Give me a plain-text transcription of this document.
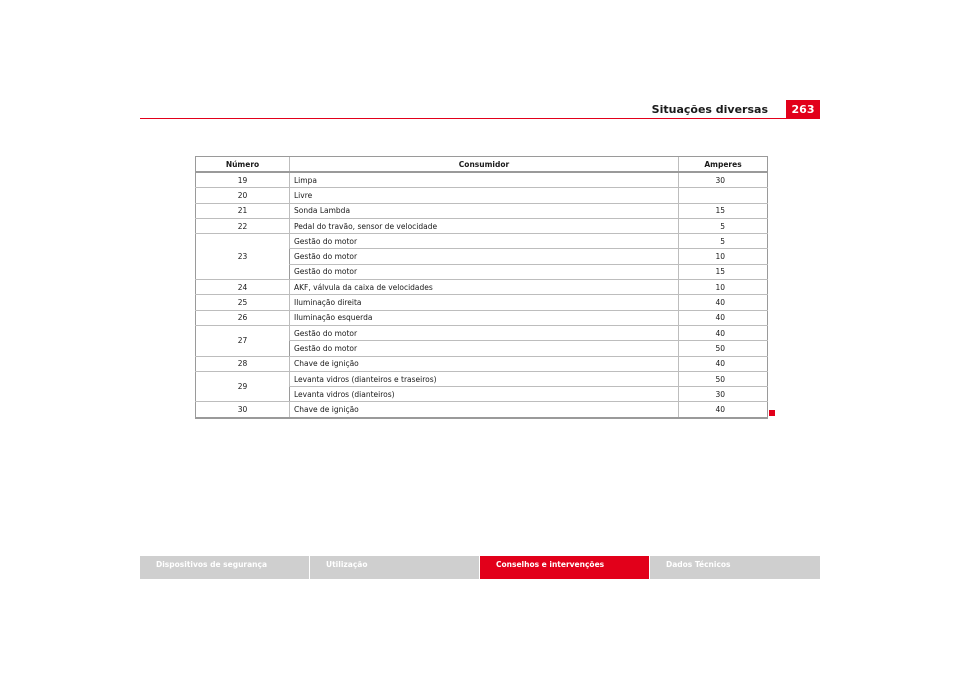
Situações diversas	263
Número	Consumidor	Amperes
19	Limpa	30
20	Livre	
21	Sonda Lambda	15
22	Pedal do travão, sensor de velocidade	5
23	Gestão do motor	5
	Gestão do motor	10
	Gestão do motor	15
24	AKF, válvula da caixa de velocidades	10
25	Iluminação direita	40
26	Iluminação esquerda	40
27	Gestão do motor	40
	Gestão do motor	50
28	Chave de ignição	40
29	Levanta vidros (dianteiros e traseiros)	50
	Levanta vidros (dianteiros)	30
30	Chave de ignição	40
Dispositivos de segurança	Utilização	Conselhos e intervenções	Dados Técnicos
